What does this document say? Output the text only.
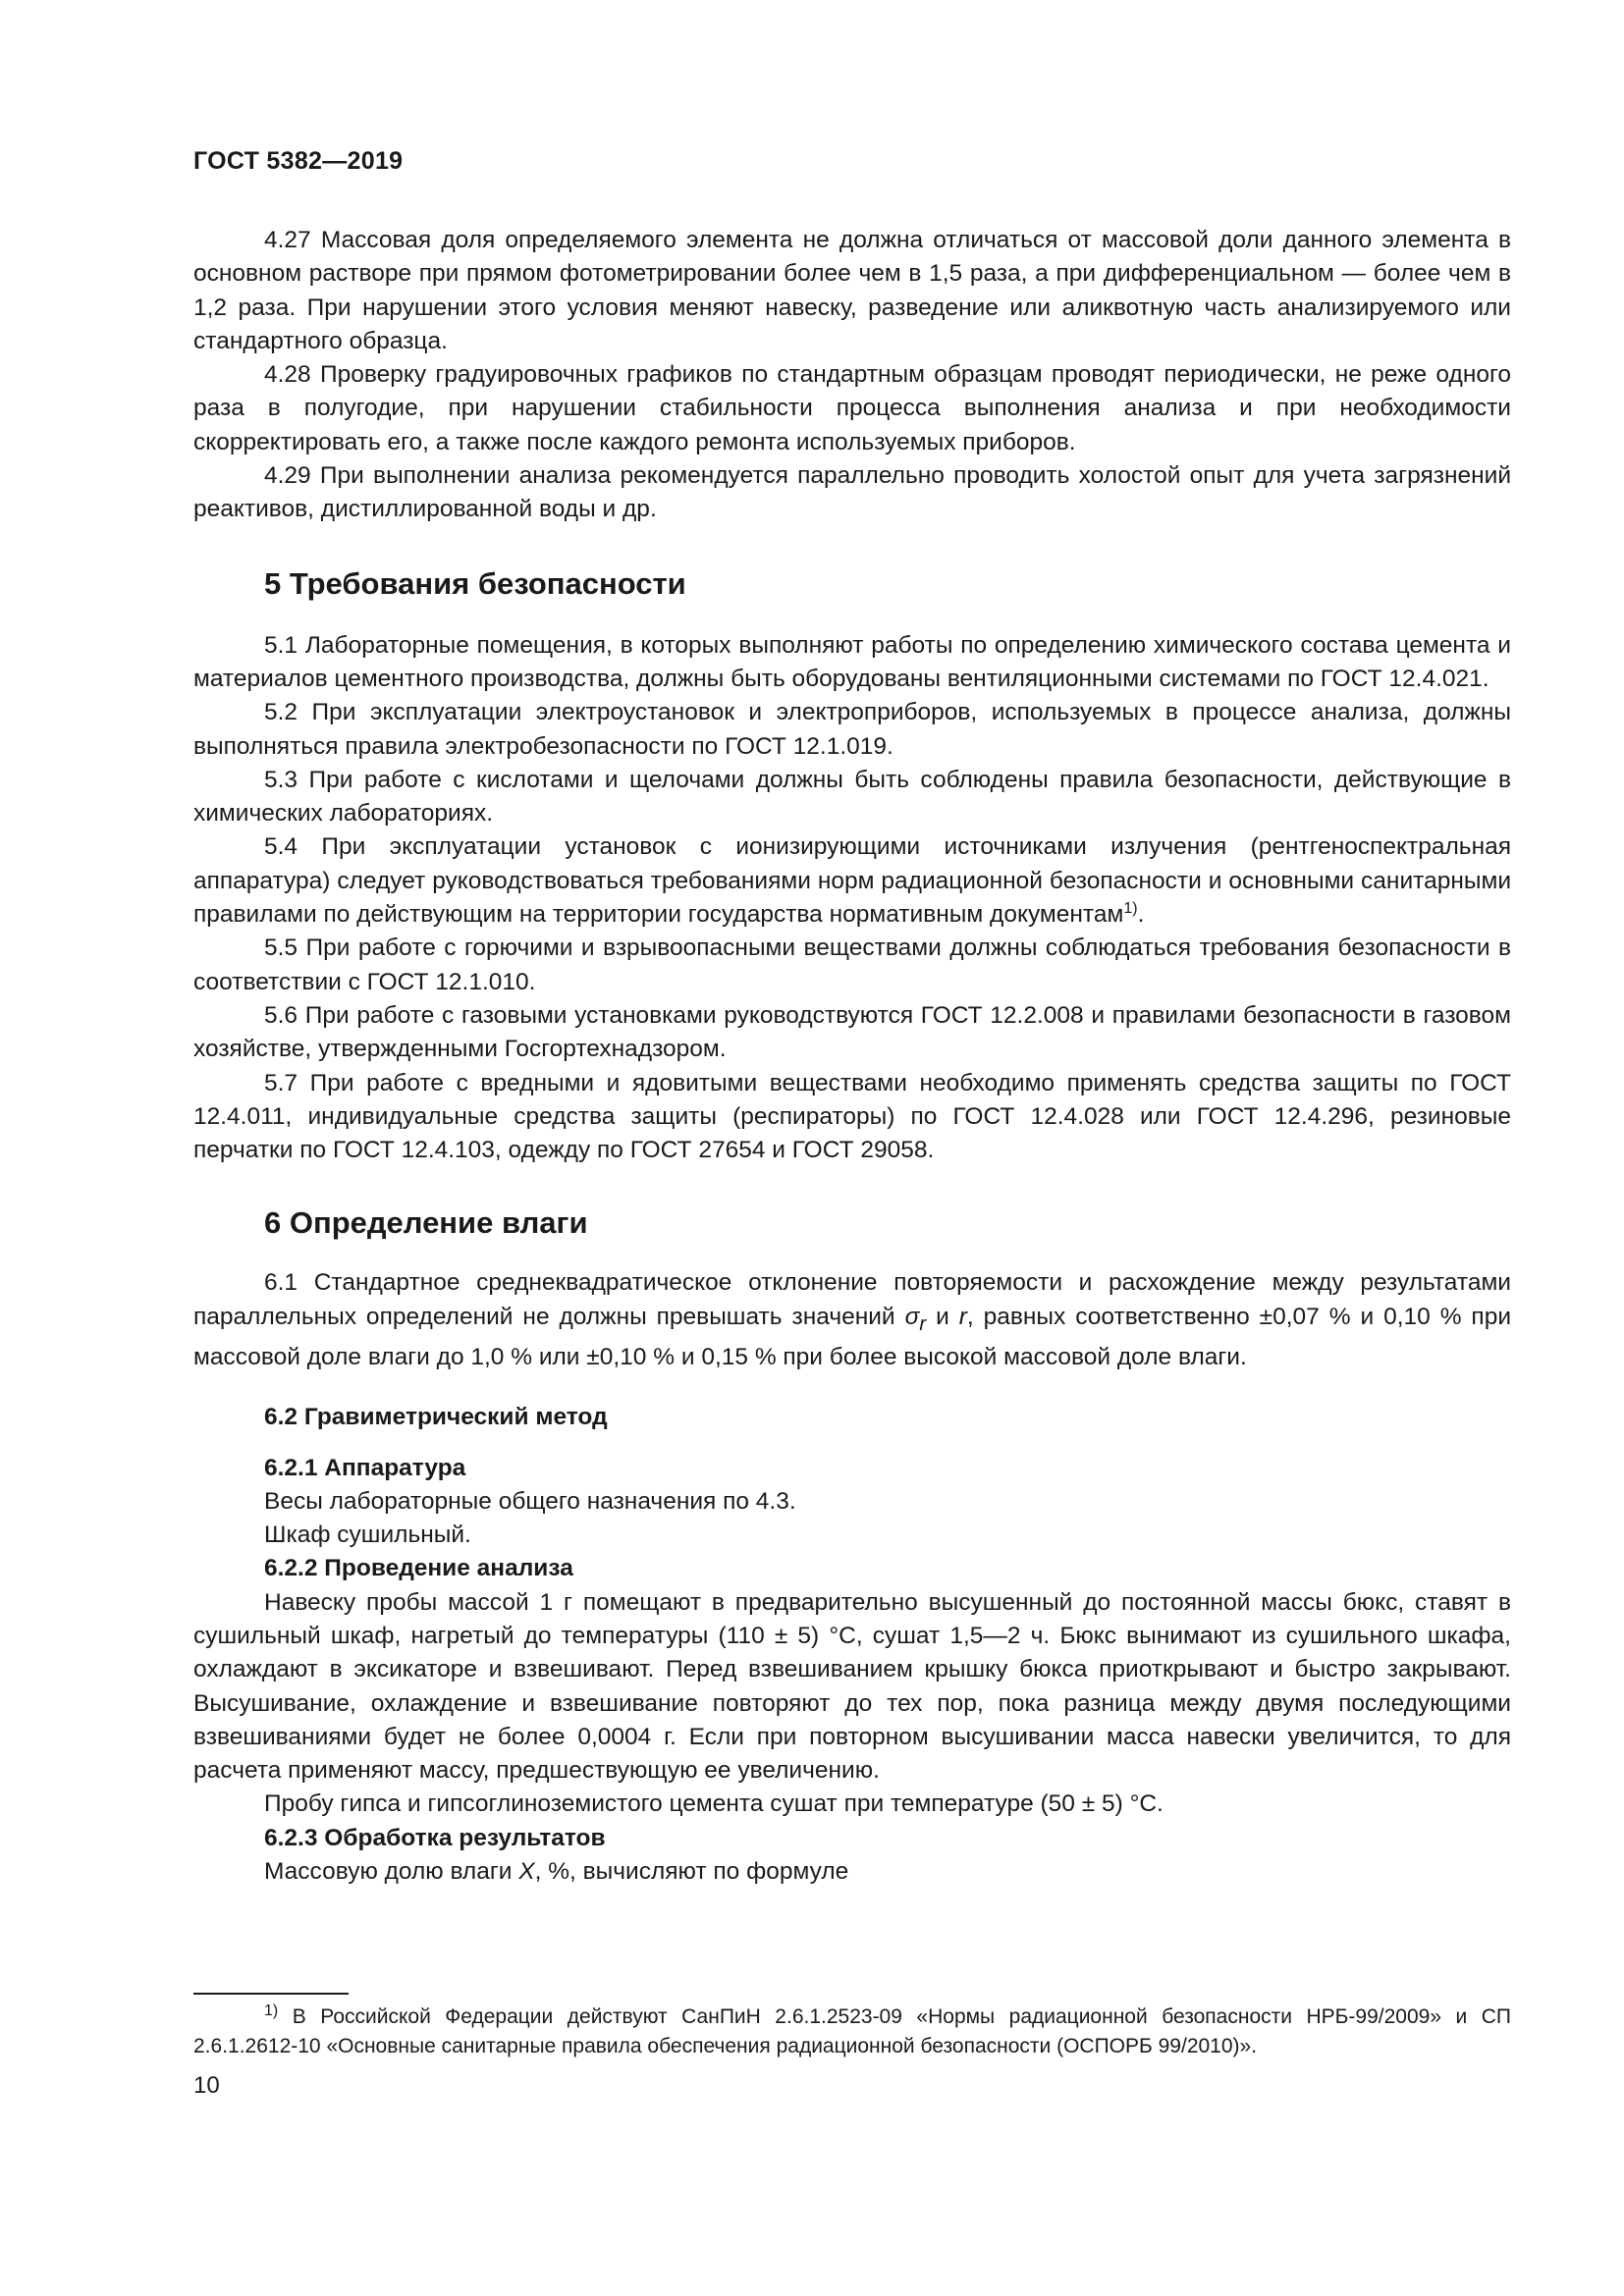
ГОСТ 5382—2019

4.27 Массовая доля определяемого элемента не должна отличаться от массовой доли данного элемента в основном растворе при прямом фотометрировании более чем в 1,5 раза, а при дифференциальном — более чем в 1,2 раза. При нарушении этого условия меняют навеску, разведение или аликвотную часть анализируемого или стандартного образца.

4.28 Проверку градуировочных графиков по стандартным образцам проводят периодически, не реже одного раза в полугодие, при нарушении стабильности процесса выполнения анализа и при необходимости скорректировать его, а также после каждого ремонта используемых приборов.

4.29 При выполнении анализа рекомендуется параллельно проводить холостой опыт для учета загрязнений реактивов, дистиллированной воды и др.

5 Требования безопасности

5.1 Лабораторные помещения, в которых выполняют работы по определению химического состава цемента и материалов цементного производства, должны быть оборудованы вентиляционными системами по ГОСТ 12.4.021.

5.2 При эксплуатации электроустановок и электроприборов, используемых в процессе анализа, должны выполняться правила электробезопасности по ГОСТ 12.1.019.

5.3 При работе с кислотами и щелочами должны быть соблюдены правила безопасности, действующие в химических лабораториях.

5.4 При эксплуатации установок с ионизирующими источниками излучения (рентгеноспектральная аппаратура) следует руководствоваться требованиями норм радиационной безопасности и основными санитарными правилами по действующим на территории государства нормативным документам$^{1)}$.

5.5 При работе с горючими и взрывоопасными веществами должны соблюдаться требования безопасности в соответствии с ГОСТ 12.1.010.

5.6 При работе с газовыми установками руководствуются ГОСТ 12.2.008 и правилами безопасности в газовом хозяйстве, утвержденными Госгортехнадзором.

5.7 При работе с вредными и ядовитыми веществами необходимо применять средства защиты по ГОСТ 12.4.011, индивидуальные средства защиты (респираторы) по ГОСТ 12.4.028 или ГОСТ 12.4.296, резиновые перчатки по ГОСТ 12.4.103, одежду по ГОСТ 27654 и ГОСТ 29058.

6 Определение влаги

6.1 Стандартное среднеквадратическое отклонение повторяемости и расхождение между результатами параллельных определений не должны превышать значений $\sigma_r$ и r, равных соответственно ±0,07 % и 0,10 % при массовой доле влаги до 1,0 % или ±0,10 % и 0,15 % при более высокой массовой доле влаги.

6.2 Гравиметрический метод

6.2.1 Аппаратура

Весы лабораторные общего назначения по 4.3.

Шкаф сушильный.

6.2.2 Проведение анализа

Навеску пробы массой 1 г помещают в предварительно высушенный до постоянной массы бюкс, ставят в сушильный шкаф, нагретый до температуры (110 ± 5) °С, сушат 1,5—2 ч. Бюкс вынимают из сушильного шкафа, охлаждают в эксикаторе и взвешивают. Перед взвешиванием крышку бюкса приоткрывают и быстро закрывают. Высушивание, охлаждение и взвешивание повторяют до тех пор, пока разница между двумя последующими взвешиваниями будет не более 0,0004 г. Если при повторном высушивании масса навески увеличится, то для расчета применяют массу, предшествующую ее увеличению.

Пробу гипса и гипсоглиноземистого цемента сушат при температуре (50 ± 5) °С.

6.2.3 Обработка результатов

Массовую долю влаги X, %, вычисляют по формуле

$^{1)}$ В Российской Федерации действуют СанПиН 2.6.1.2523-09 «Нормы радиационной безопасности НРБ-99/2009» и СП 2.6.1.2612-10 «Основные санитарные правила обеспечения радиационной безопасности (ОСПОРБ 99/2010)».

10
